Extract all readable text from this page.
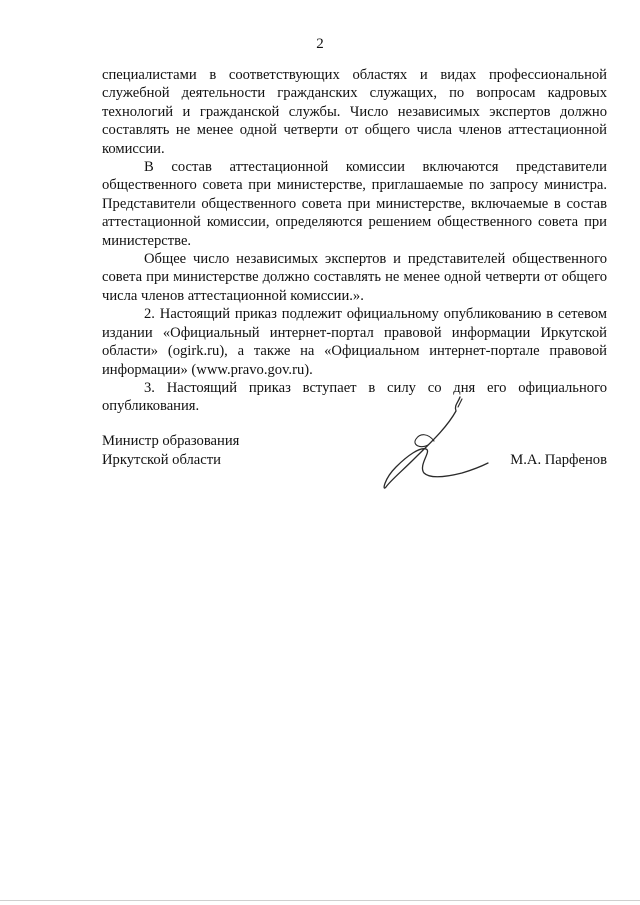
2

специалистами в соответствующих областях и видах профессиональной служебной деятельности гражданских служащих, по вопросам кадровых технологий и гражданской службы. Число независимых экспертов должно составлять не менее одной четверти от общего числа членов аттестационной комиссии.

В состав аттестационной комиссии включаются представители общественного совета при министерстве, приглашаемые по запросу министра. Представители общественного совета при министерстве, включаемые в состав аттестационной комиссии, определяются решением общественного совета при министерстве.

Общее число независимых экспертов и представителей общественного совета при министерстве должно составлять не менее одной четверти от общего числа членов аттестационной комиссии.».

2. Настоящий приказ подлежит официальному опубликованию в сетевом издании «Официальный интернет-портал правовой информации Иркутской области» (ogirk.ru), а также на «Официальном интернет-портале правовой информации» (www.pravo.gov.ru).

3. Настоящий приказ вступает в силу со дня его официального опубликования.

Министр образования
Иркутской области	М.А. Парфенов
